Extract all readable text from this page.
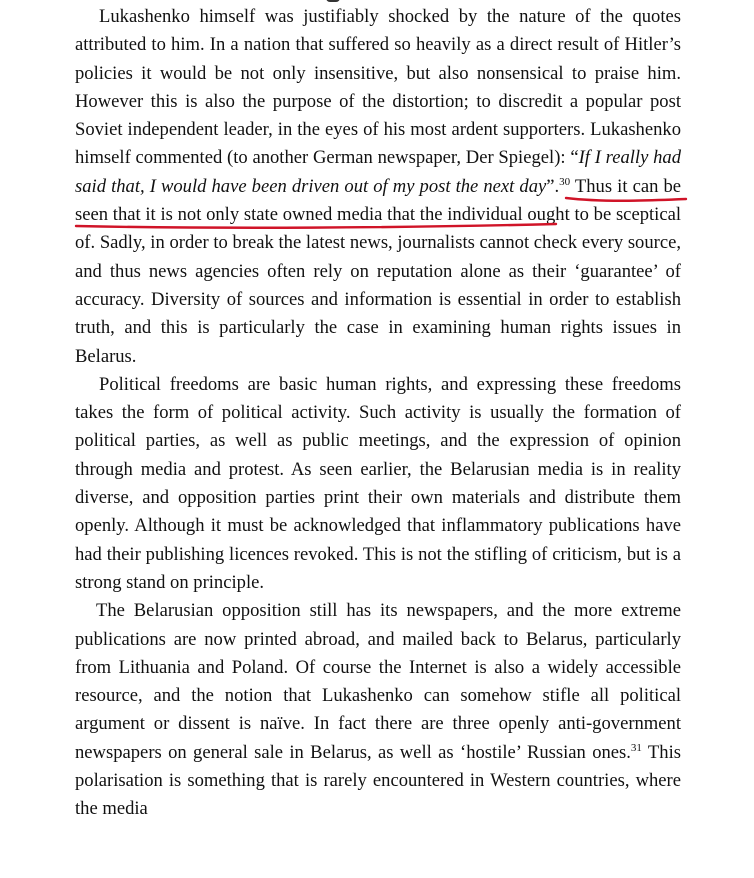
Lukashenko himself was justifiably shocked by the nature of the quotes attributed to him. In a nation that suffered so heavily as a direct result of Hitler’s policies it would be not only insensitive, but also nonsensical to praise him. However this is also the purpose of the distortion; to discredit a popular post Soviet independent leader, in the eyes of his most ardent supporters. Lukashenko himself commented (to another German newspaper, Der Spiegel): “If I really had said that, I would have been driven out of my post the next day”.$^{30}$ Thus it can be seen that it is not only state owned media that the individual ought to be sceptical of. Sadly, in order to break the latest news, journalists cannot check every source, and thus news agencies often rely on reputation alone as their ‘guarantee’ of accuracy. Diversity of sources and information is essential in order to establish truth, and this is particularly the case in examining human rights issues in Belarus.

Political freedoms are basic human rights, and expressing these freedoms takes the form of political activity. Such activity is usually the formation of political parties, as well as public meetings, and the expression of opinion through media and protest. As seen earlier, the Belarusian media is in reality diverse, and opposition parties print their own materials and distribute them openly. Although it must be acknowledged that inflammatory publications have had their publishing licences revoked. This is not the stifling of criticism, but is a strong stand on principle.

The Belarusian opposition still has its newspapers, and the more extreme publications are now printed abroad, and mailed back to Belarus, particularly from Lithuania and Poland. Of course the Internet is also a widely accessible resource, and the notion that Lukashenko can somehow stifle all political argument or dissent is naïve. In fact there are three openly anti-government newspapers on general sale in Belarus, as well as ‘hostile’ Russian ones.$^{31}$ This polarisation is something that is rarely encountered in Western countries, where the media
